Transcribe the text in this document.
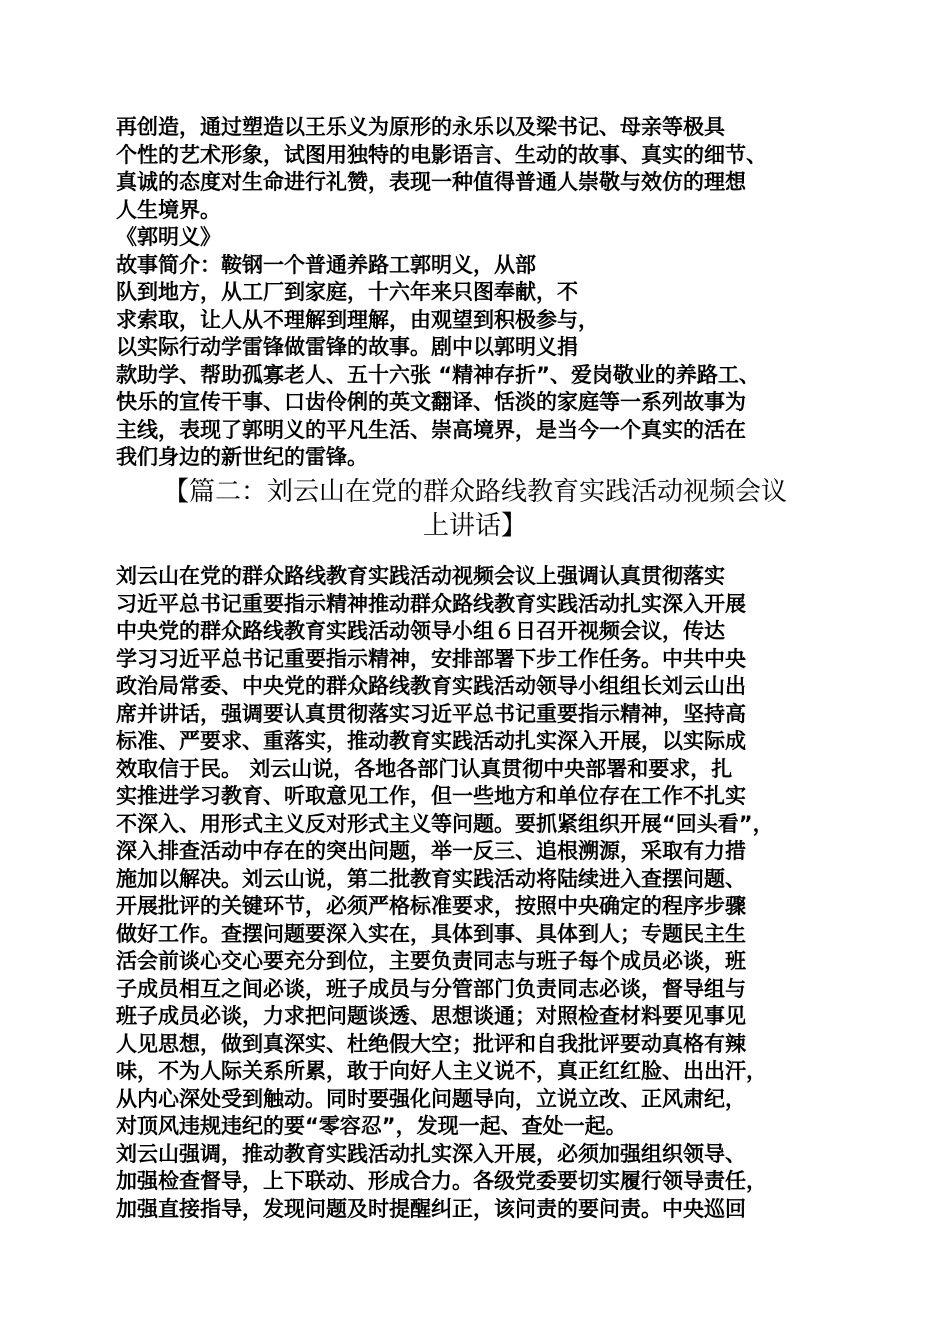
再创造，通过塑造以王乐义为原形的永乐以及梁书记、母亲等极具
个性的艺术形象，试图用独特的电影语言、生动的故事、真实的细节、
真诚的态度对生命进行礼赞，表现一种值得普通人崇敬与效仿的理想
人生境界。
《郭明义》
故事简介：鞍钢一个普通养路工郭明义，从部
队到地方，从工厂到家庭，十六年来只图奉献，不
求索取，让人从不理解到理解，由观望到积极参与，
以实际行动学雷锋做雷锋的故事。剧中以郭明义捐
款助学、帮助孤寡老人、五十六张 “精神存折”、爱岗敬业的养路工、
快乐的宣传干事、口齿伶俐的英文翻译、恬淡的家庭等一系列故事为
主线，表现了郭明义的平凡生活、崇高境界，是当今一个真实的活在
我们身边的新世纪的雷锋。
【篇二：刘云山在党的群众路线教育实践活动视频会议
上讲话】
刘云山在党的群众路线教育实践活动视频会议上强调认真贯彻落实
习近平总书记重要指示精神推动群众路线教育实践活动扎实深入开展
中央党的群众路线教育实践活动领导小组６日召开视频会议，传达
学习习近平总书记重要指示精神，安排部署下步工作任务。中共中央
政治局常委、中央党的群众路线教育实践活动领导小组组长刘云山出
席并讲话，强调要认真贯彻落实习近平总书记重要指示精神，坚持高
标准、严要求、重落实，推动教育实践活动扎实深入开展，以实际成
效取信于民。 刘云山说，各地各部门认真贯彻中央部署和要求，扎
实推进学习教育、听取意见工作，但一些地方和单位存在工作不扎实
不深入、用形式主义反对形式主义等问题。要抓紧组织开展“回头看”，
深入排查活动中存在的突出问题，举一反三、追根溯源，采取有力措
施加以解决。刘云山说，第二批教育实践活动将陆续进入查摆问题、
开展批评的关键环节，必须严格标准要求，按照中央确定的程序步骤
做好工作。查摆问题要深入实在，具体到事、具体到人；专题民主生
活会前谈心交心要充分到位，主要负责同志与班子每个成员必谈，班
子成员相互之间必谈，班子成员与分管部门负责同志必谈，督导组与
班子成员必谈，力求把问题谈透、思想谈通；对照检查材料要见事见
人见思想，做到真深实、杜绝假大空；批评和自我批评要动真格有辣
味，不为人际关系所累，敢于向好人主义说不，真正红红脸、出出汗，
从内心深处受到触动。同时要强化问题导向，立说立改、正风肃纪，
对顶风违规违纪的要“零容忍”，发现一起、查处一起。
刘云山强调，推动教育实践活动扎实深入开展，必须加强组织领导、
加强检查督导，上下联动、形成合力。各级党委要切实履行领导责任，
加强直接指导，发现问题及时提醒纠正，该问责的要问责。中央巡回
